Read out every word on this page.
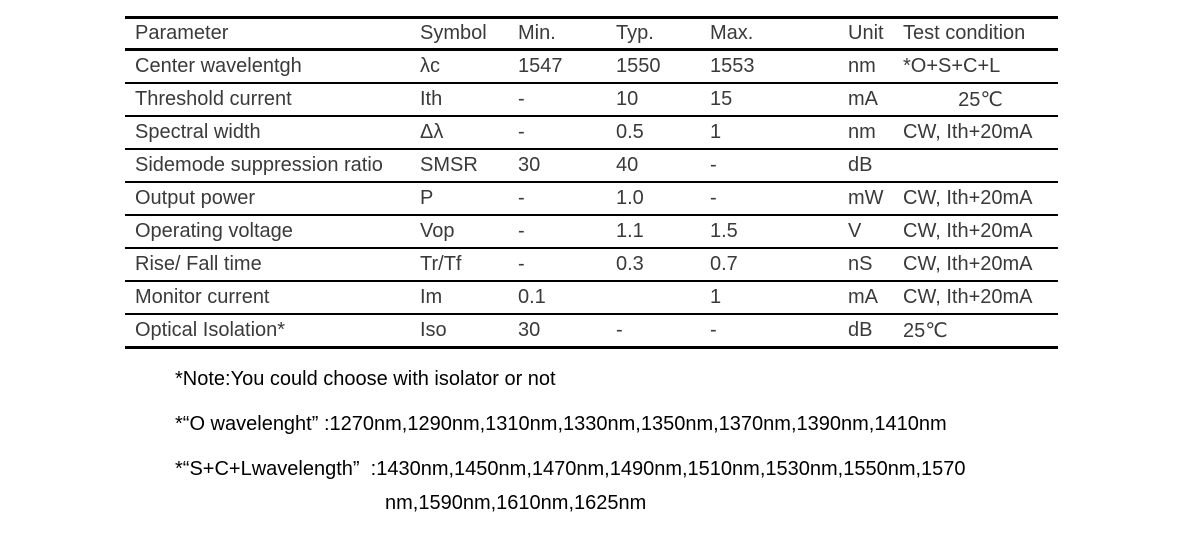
Parameter	Symbol	Min.	Typ.	Max.	Unit	Test condition
Center wavelentgh	λc	1547	1550	1553	nm	*O+S+C+L
Threshold current	Ith	-	10	15	mA	25℃
Spectral width	Δλ	-	0.5	1	nm	CW, Ith+20mA
Sidemode suppression ratio	SMSR	30	40	-	dB	
Output power	P	-	1.0	-	mW	CW, Ith+20mA
Operating voltage	Vop	-	1.1	1.5	V	CW, Ith+20mA
Rise/ Fall time	Tr/Tf	-	0.3	0.7	nS	CW, Ith+20mA
Monitor current	Im	0.1		1	mA	CW, Ith+20mA
Optical Isolation*	Iso	30	-	-	dB	25℃
*Note:You could choose with isolator or not
*“O wavelenght” :1270nm,1290nm,1310nm,1330nm,1350nm,1370nm,1390nm,1410nm
*“S+C+Lwavelength”  :1430nm,1450nm,1470nm,1490nm,1510nm,1530nm,1550nm,1570
nm,1590nm,1610nm,1625nm
